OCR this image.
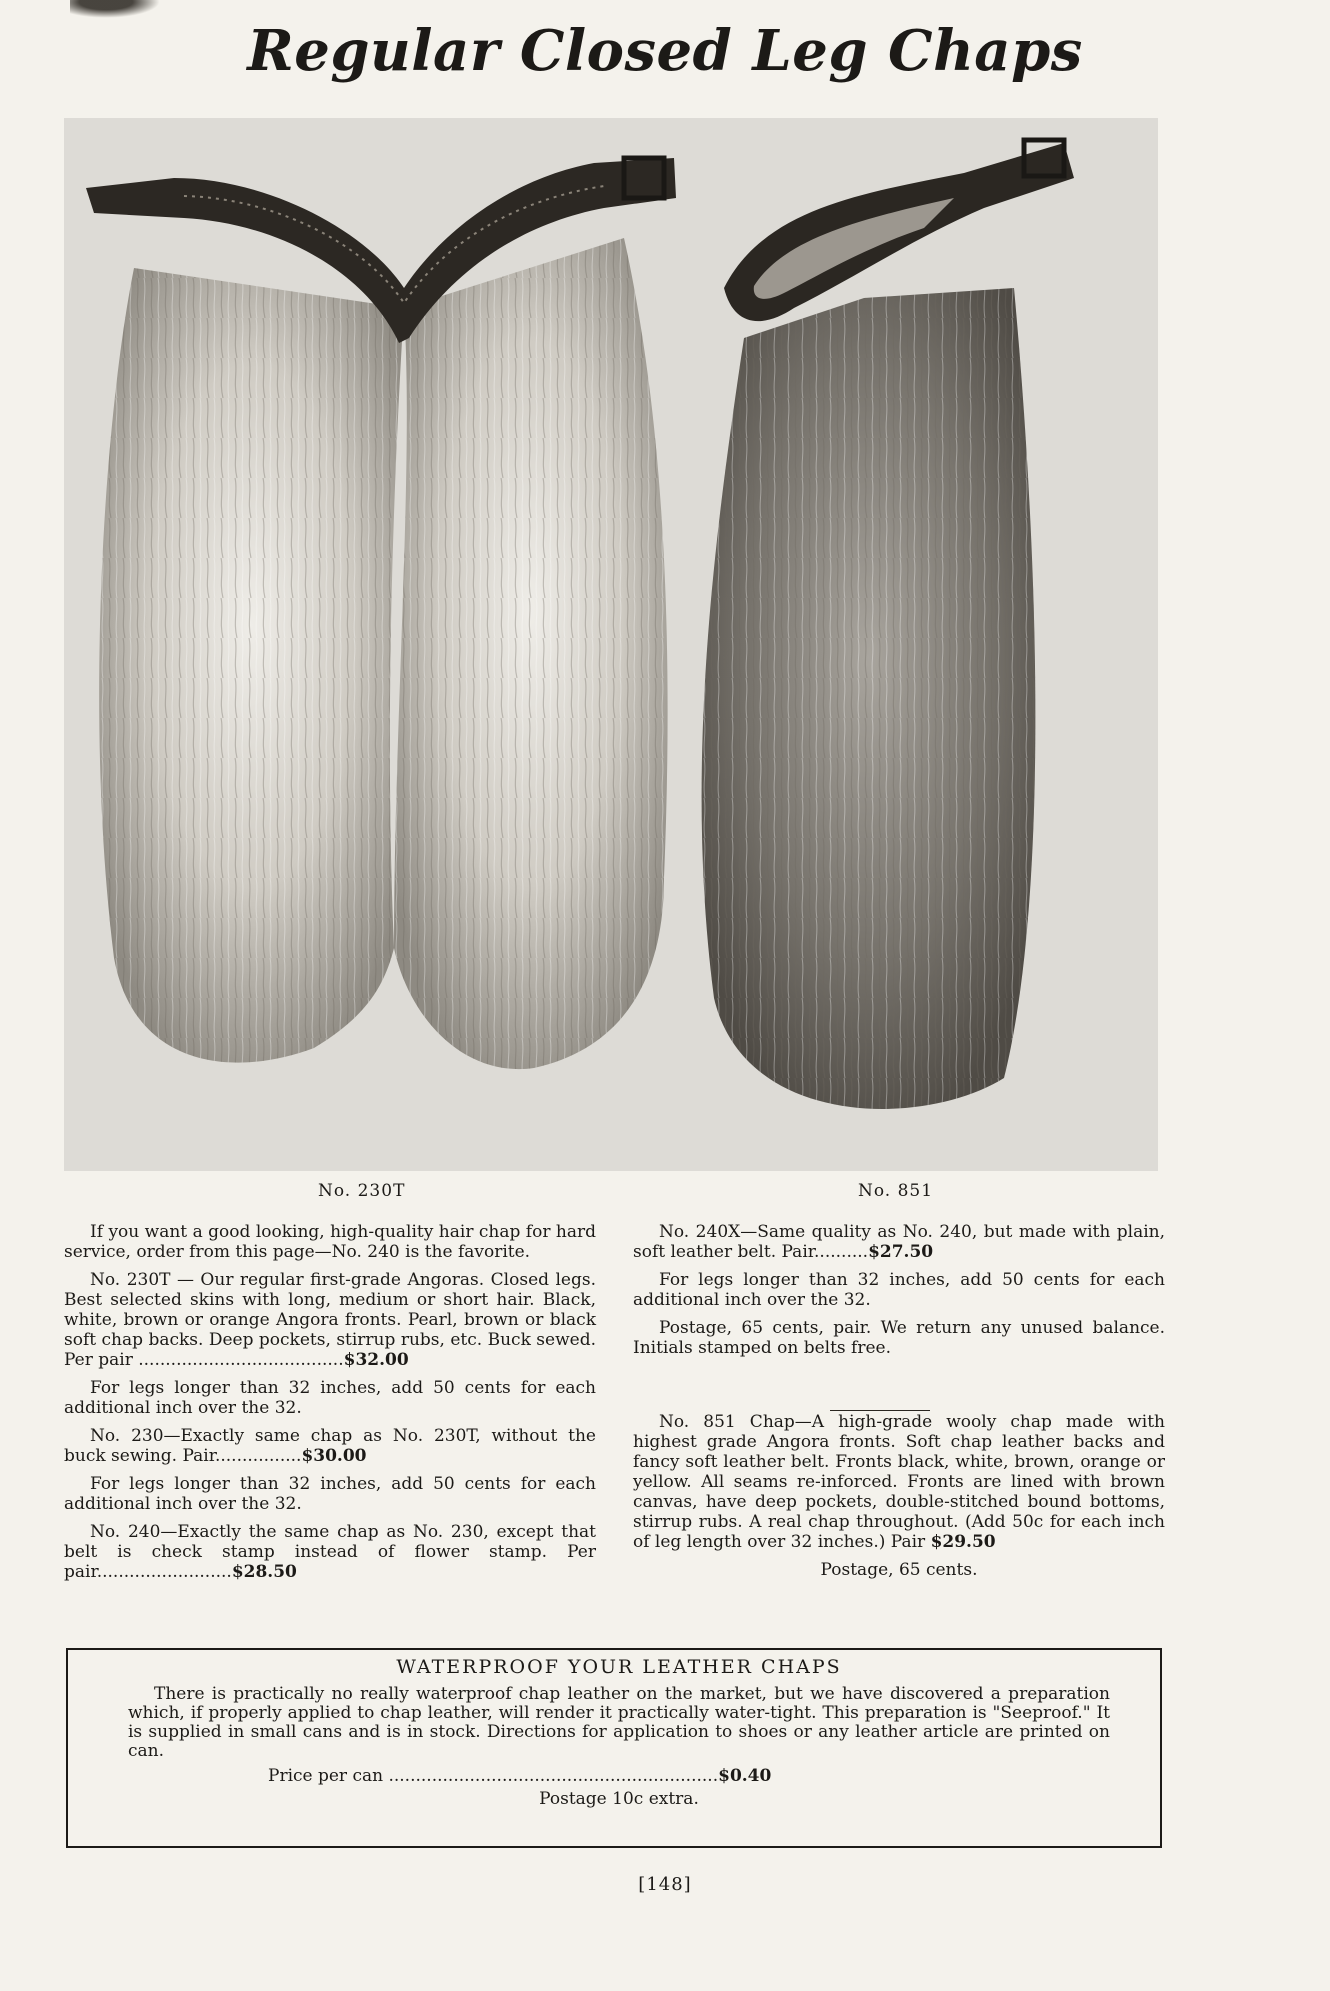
Regular Closed Leg Chaps
No. 230T	No. 851

If you want a good looking, high-quality hair chap for hard service, order from this page—No. 240 is the favorite.

No. 230T — Our regular first-grade Angoras. Closed legs. Best selected skins with long, medium or short hair. Black, white, brown or orange Angora fronts. Pearl, brown or black soft chap backs. Deep pockets, stirrup rubs, etc. Buck sewed. Per pair ......................................$32.00

For legs longer than 32 inches, add 50 cents for each additional inch over the 32.

No. 230—Exactly same chap as No. 230T, without the buck sewing. Pair................$30.00

For legs longer than 32 inches, add 50 cents for each additional inch over the 32.

No. 240—Exactly the same chap as No. 230, except that belt is check stamp instead of flower stamp. Per pair.........................$28.50

No. 240X—Same quality as No. 240, but made with plain, soft leather belt. Pair..........$27.50

For legs longer than 32 inches, add 50 cents for each additional inch over the 32.

Postage, 65 cents, pair. We return any unused balance. Initials stamped on belts free.

No. 851 Chap—A high-grade wooly chap made with highest grade Angora fronts. Soft chap leather backs and fancy soft leather belt. Fronts black, white, brown, orange or yellow. All seams re-inforced. Fronts are lined with brown canvas, have deep pockets, double-stitched bound bottoms, stirrup rubs. A real chap throughout. (Add 50c for each inch of leg length over 32 inches.) Pair $29.50

Postage, 65 cents.

WATERPROOF YOUR LEATHER CHAPS

There is practically no really waterproof chap leather on the market, but we have discovered a preparation which, if properly applied to chap leather, will render it practically water-tight. This preparation is "Seeproof." It is supplied in small cans and is in stock. Directions for application to shoes or any leather article are printed on can.

Price per can .............................................................$0.40

Postage 10c extra.

[148]
